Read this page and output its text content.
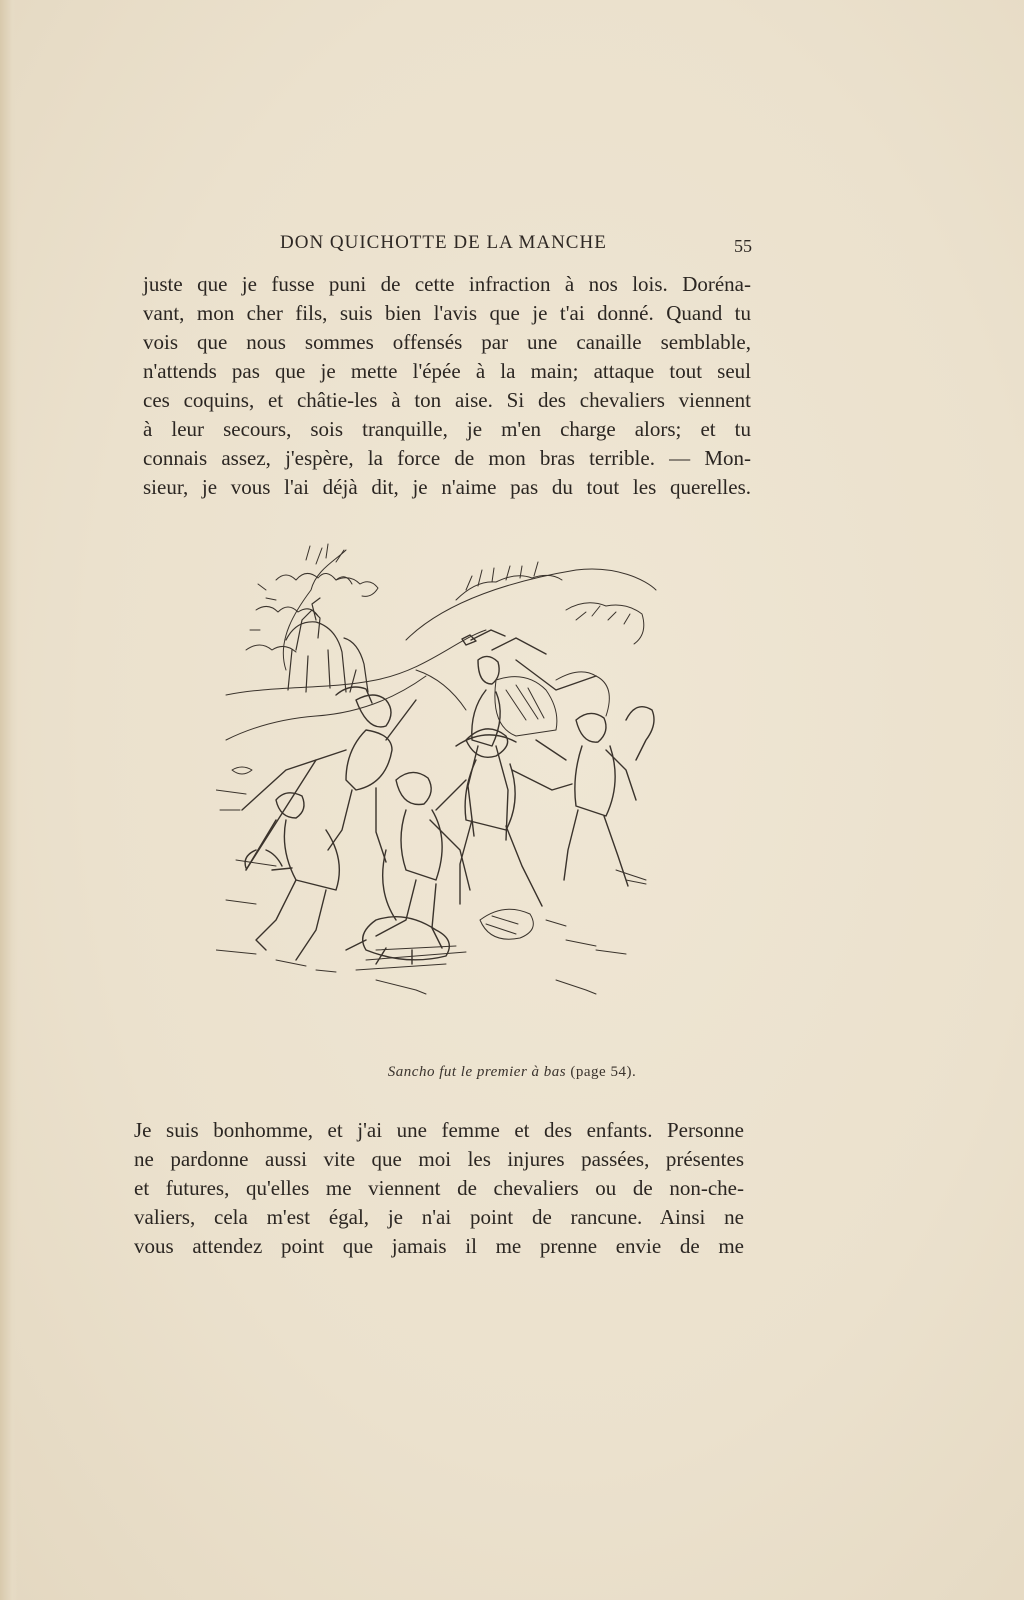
DON QUICHOTTE DE LA MANCHE	55
juste que je fusse puni de cette infraction à nos lois. Doréna-
vant, mon cher fils, suis bien l'avis que je t'ai donné. Quand tu
vois que nous sommes offensés par une canaille semblable,
n'attends pas que je mette l'épée à la main; attaque tout seul
ces coquins, et châtie-les à ton aise. Si des chevaliers viennent
à leur secours, sois tranquille, je m'en charge alors; et tu
connais assez, j'espère, la force de mon bras terrible. — Mon-
sieur, je vous l'ai déjà dit, je n'aime pas du tout les querelles.
Sancho fut le premier à bas (page 54).
Je suis bonhomme, et j'ai une femme et des enfants. Personne
ne pardonne aussi vite que moi les injures passées, présentes
et futures, qu'elles me viennent de chevaliers ou de non-che-
valiers, cela m'est égal, je n'ai point de rancune. Ainsi ne
vous attendez point que jamais il me prenne envie de me
